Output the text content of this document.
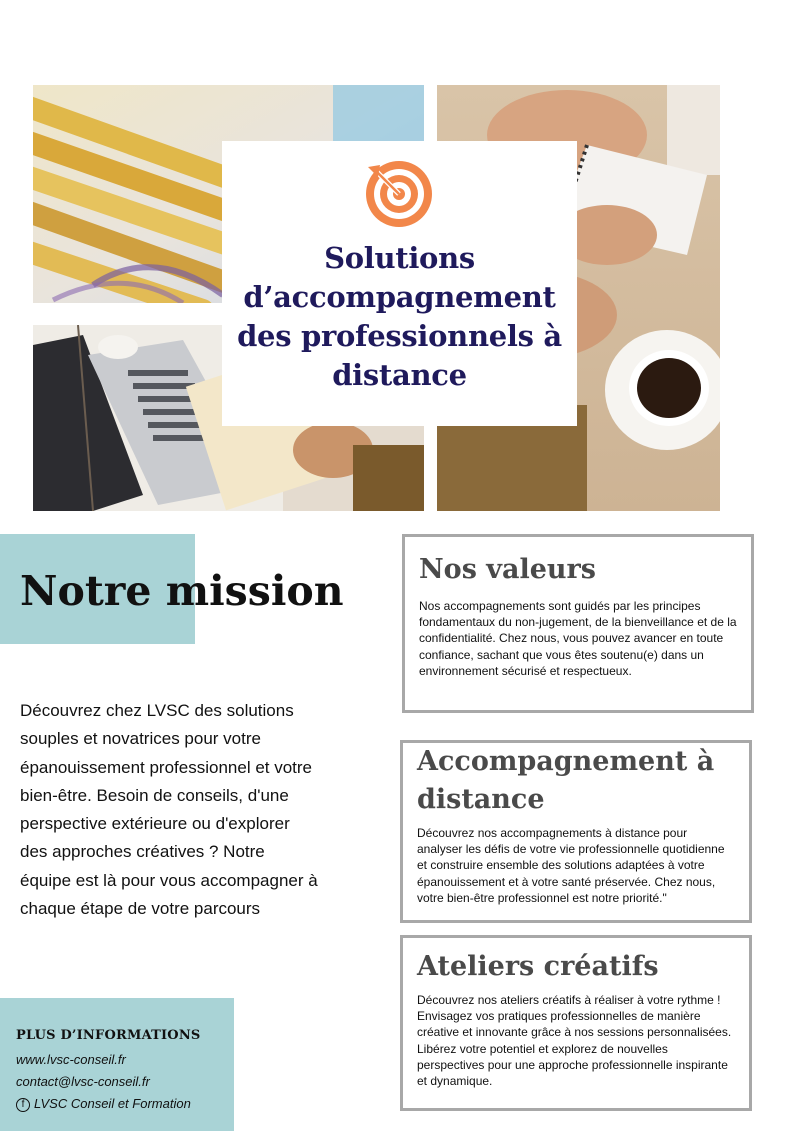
Solutions d’accompagnement des professionnels à distance
Notre mission

Découvrez chez LVSC des solutions souples et novatrices pour votre épanouissement professionnel et votre bien-être. Besoin de conseils, d'une perspective extérieure ou d'explorer des approches créatives ? Notre équipe est là pour vous accompagner à chaque étape de votre parcours

PLUS D’INFORMATIONS
www.lvsc-conseil.fr
contact@lvsc-conseil.fr
f LVSC Conseil et Formation
Nos valeurs

Nos accompagnements sont guidés par les principes fondamentaux du non-jugement, de la bienveillance et de la confidentialité. Chez nous, vous pouvez avancer en toute confiance, sachant que vous êtes soutenu(e) dans un environnement sécurisé et respectueux.

Accompagnement à distance

Découvrez nos accompagnements à distance pour analyser les défis de votre vie professionnelle quotidienne et construire ensemble des solutions adaptées à votre épanouissement et à votre santé préservée. Chez nous, votre bien-être professionnel est notre priorité."

Ateliers créatifs

Découvrez nos ateliers créatifs à réaliser à votre rythme ! Envisagez vos pratiques professionnelles de manière créative et innovante grâce à nos sessions personnalisées. Libérez votre potentiel et explorez de nouvelles perspectives pour une approche professionnelle inspirante et dynamique.
